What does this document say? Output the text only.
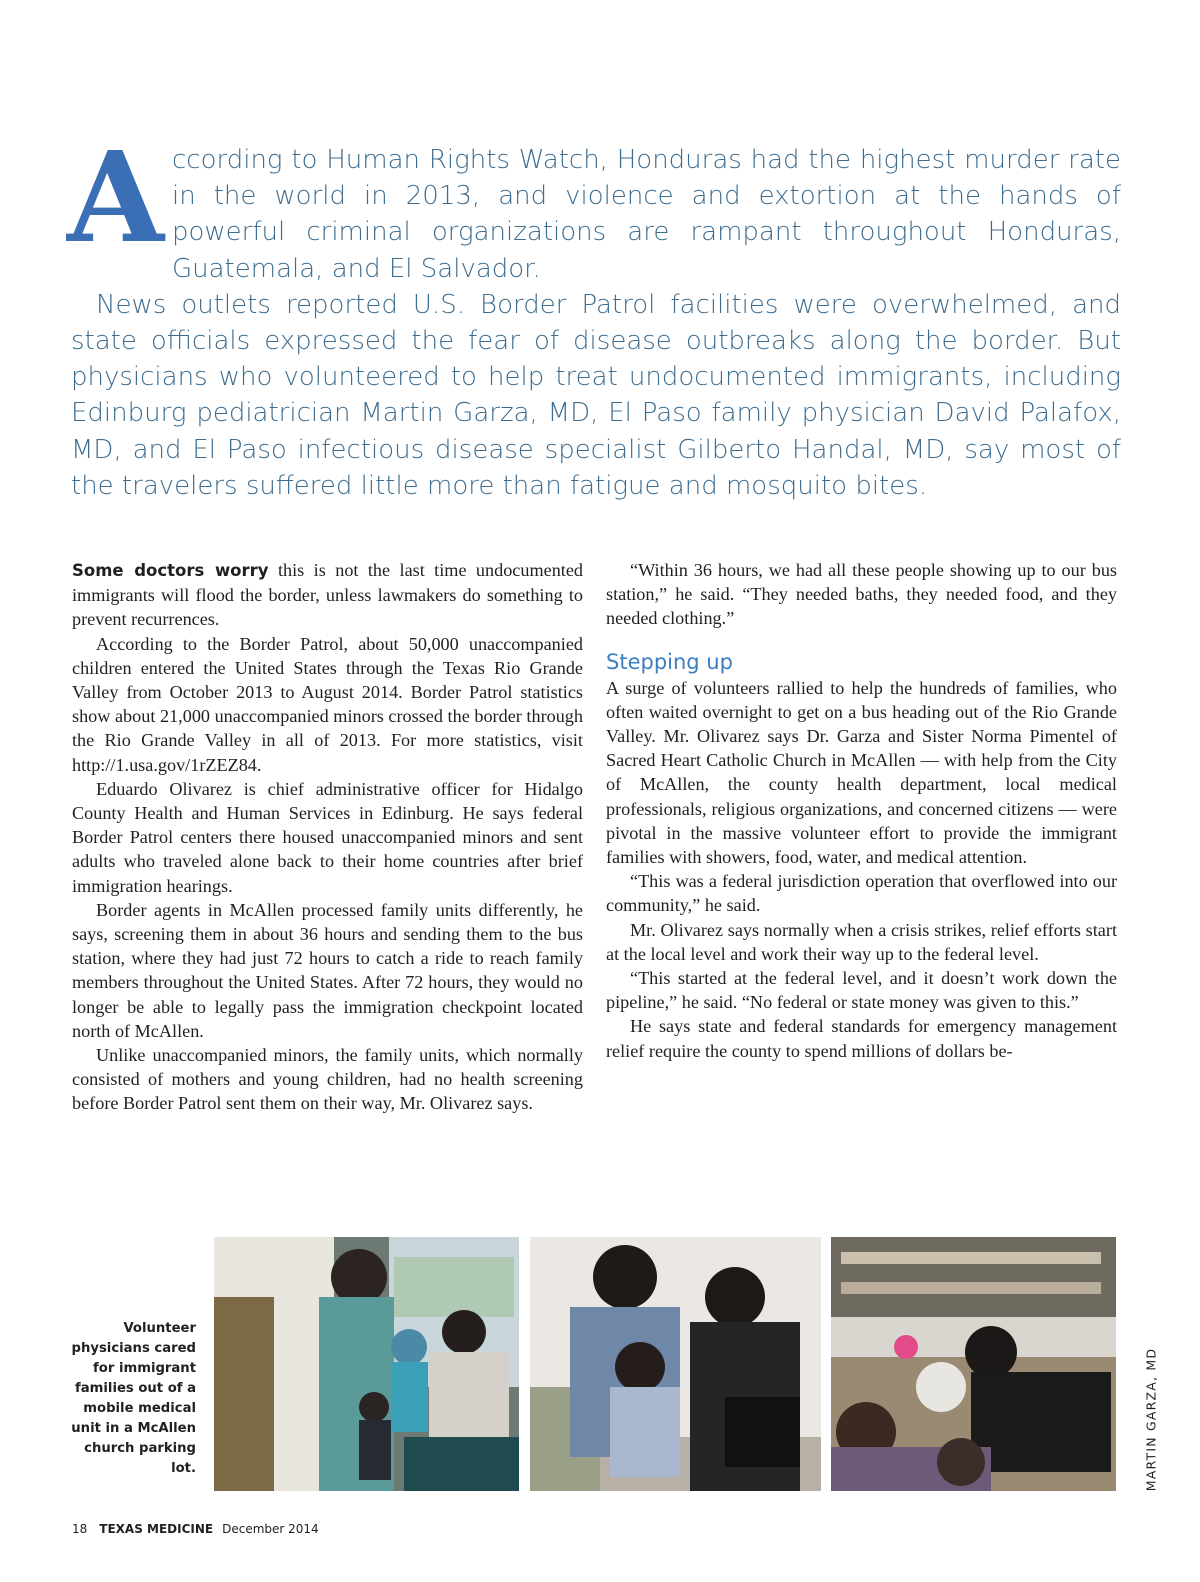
According to Human Rights Watch, Honduras had the highest murder rate in the world in 2013, and violence and extortion at the hands of powerful criminal organizations are rampant throughout Honduras, Guatemala, and El Salvador.

News outlets reported U.S. Border Patrol facilities were overwhelmed, and state officials expressed the fear of disease outbreaks along the border. But physicians who volunteered to help treat undocumented immigrants, including Edinburg pediatrician Martin Garza, MD, El Paso family physician David Palafox, MD, and El Paso infectious disease specialist Gilberto Handal, MD, say most of the travelers suffered little more than fatigue and mosquito bites.

Some doctors worry this is not the last time undocumented immigrants will flood the border, unless lawmakers do something to prevent recurrences.

According to the Border Patrol, about 50,000 unaccompanied children entered the United States through the Texas Rio Grande Valley from October 2013 to August 2014. Border Patrol statistics show about 21,000 unaccompanied minors crossed the border through the Rio Grande Valley in all of 2013. For more statistics, visit http://1.usa.gov/1rZEZ84.

Eduardo Olivarez is chief administrative officer for Hidalgo County Health and Human Services in Edinburg. He says federal Border Patrol centers there housed unaccompanied minors and sent adults who traveled alone back to their home countries after brief immigration hearings.

Border agents in McAllen processed family units differently, he says, screening them in about 36 hours and sending them to the bus station, where they had just 72 hours to catch a ride to reach family members throughout the United States. After 72 hours, they would no longer be able to legally pass the immigration checkpoint located north of McAllen.

Unlike unaccompanied minors, the family units, which normally consisted of mothers and young children, had no health screening before Border Patrol sent them on their way, Mr. Olivarez says.

“Within 36 hours, we had all these people showing up to our bus station,” he said. “They needed baths, they needed food, and they needed clothing.”

Stepping up

A surge of volunteers rallied to help the hundreds of families, who often waited overnight to get on a bus heading out of the Rio Grande Valley. Mr. Olivarez says Dr. Garza and Sister Norma Pimentel of Sacred Heart Catholic Church in McAllen — with help from the City of McAllen, the county health department, local medical professionals, religious organizations, and concerned citizens — were pivotal in the massive volunteer effort to provide the immigrant families with showers, food, water, and medical attention.

“This was a federal jurisdiction operation that overflowed into our community,” he said.

Mr. Olivarez says normally when a crisis strikes, relief efforts start at the local level and work their way up to the federal level.

“This started at the federal level, and it doesn’t work down the pipeline,” he said. “No federal or state money was given to this.”

He says state and federal standards for emergency management relief require the county to spend millions of dollars be-

Volunteer physicians cared for immigrant families out of a mobile medical unit in a McAllen church parking lot.	MARTIN GARZA, MD
18 TEXAS MEDICINE December 2014
